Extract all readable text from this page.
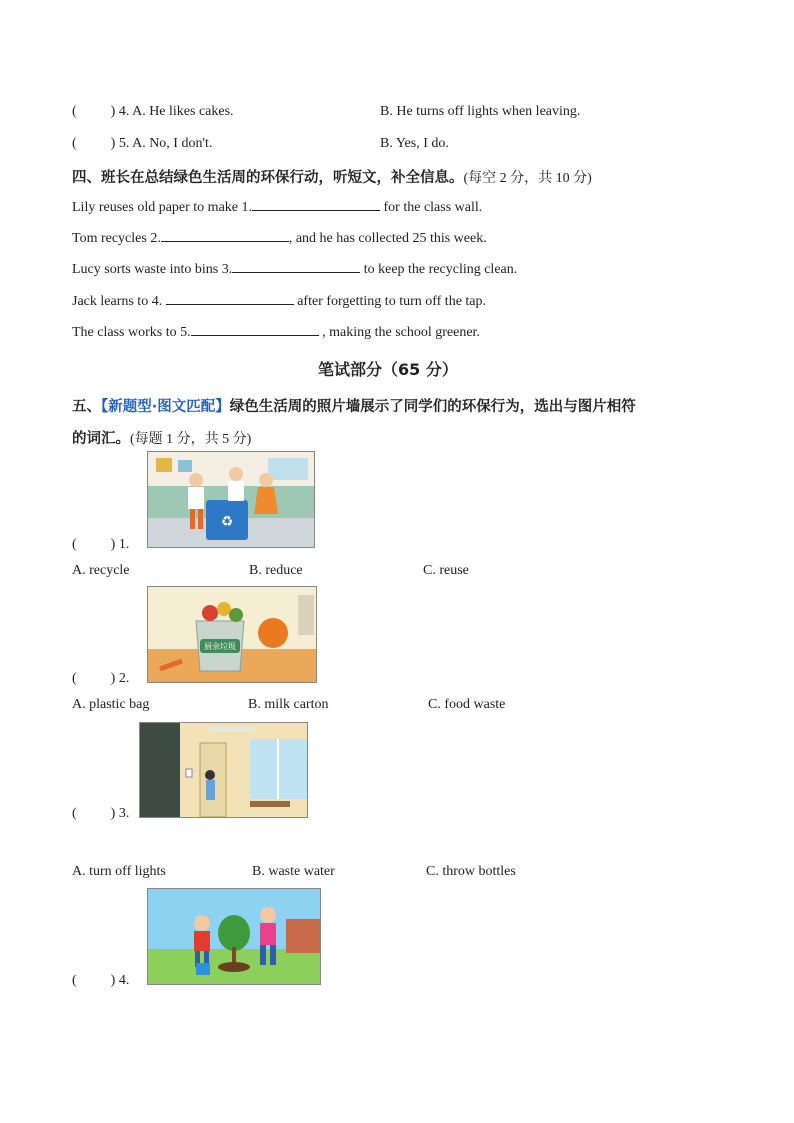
( ) 4. A. He likes cakes.	B. He turns off lights when leaving.
( ) 5. A. No, I don't.	B. Yes, I do.
四、班长在总结绿色生活周的环保行动，听短文，补全信息。(每空 2 分，共 10 分)
Lily reuses old paper to make 1.	for the class wall.
Tom recycles 2.	, and he has collected 25 this week.
Lucy sorts waste into bins 3.	to keep the recycling clean.
Jack learns to 4.	after forgetting to turn off the tap.
The class works to 5.	, making the school greener.
笔试部分（65 分）
五、【新题型·图文匹配】绿色生活周的照片墙展示了同学们的环保行为，选出与图片相符
的词汇。(每题 1 分，共 5 分)
♻
( ) 1.
A. recycle	B. reduce	C. reuse
厨余垃圾
( ) 2.
A. plastic bag	B. milk carton	C. food waste
( ) 3.
A. turn off lights	B. waste water	C. throw bottles
( ) 4.
